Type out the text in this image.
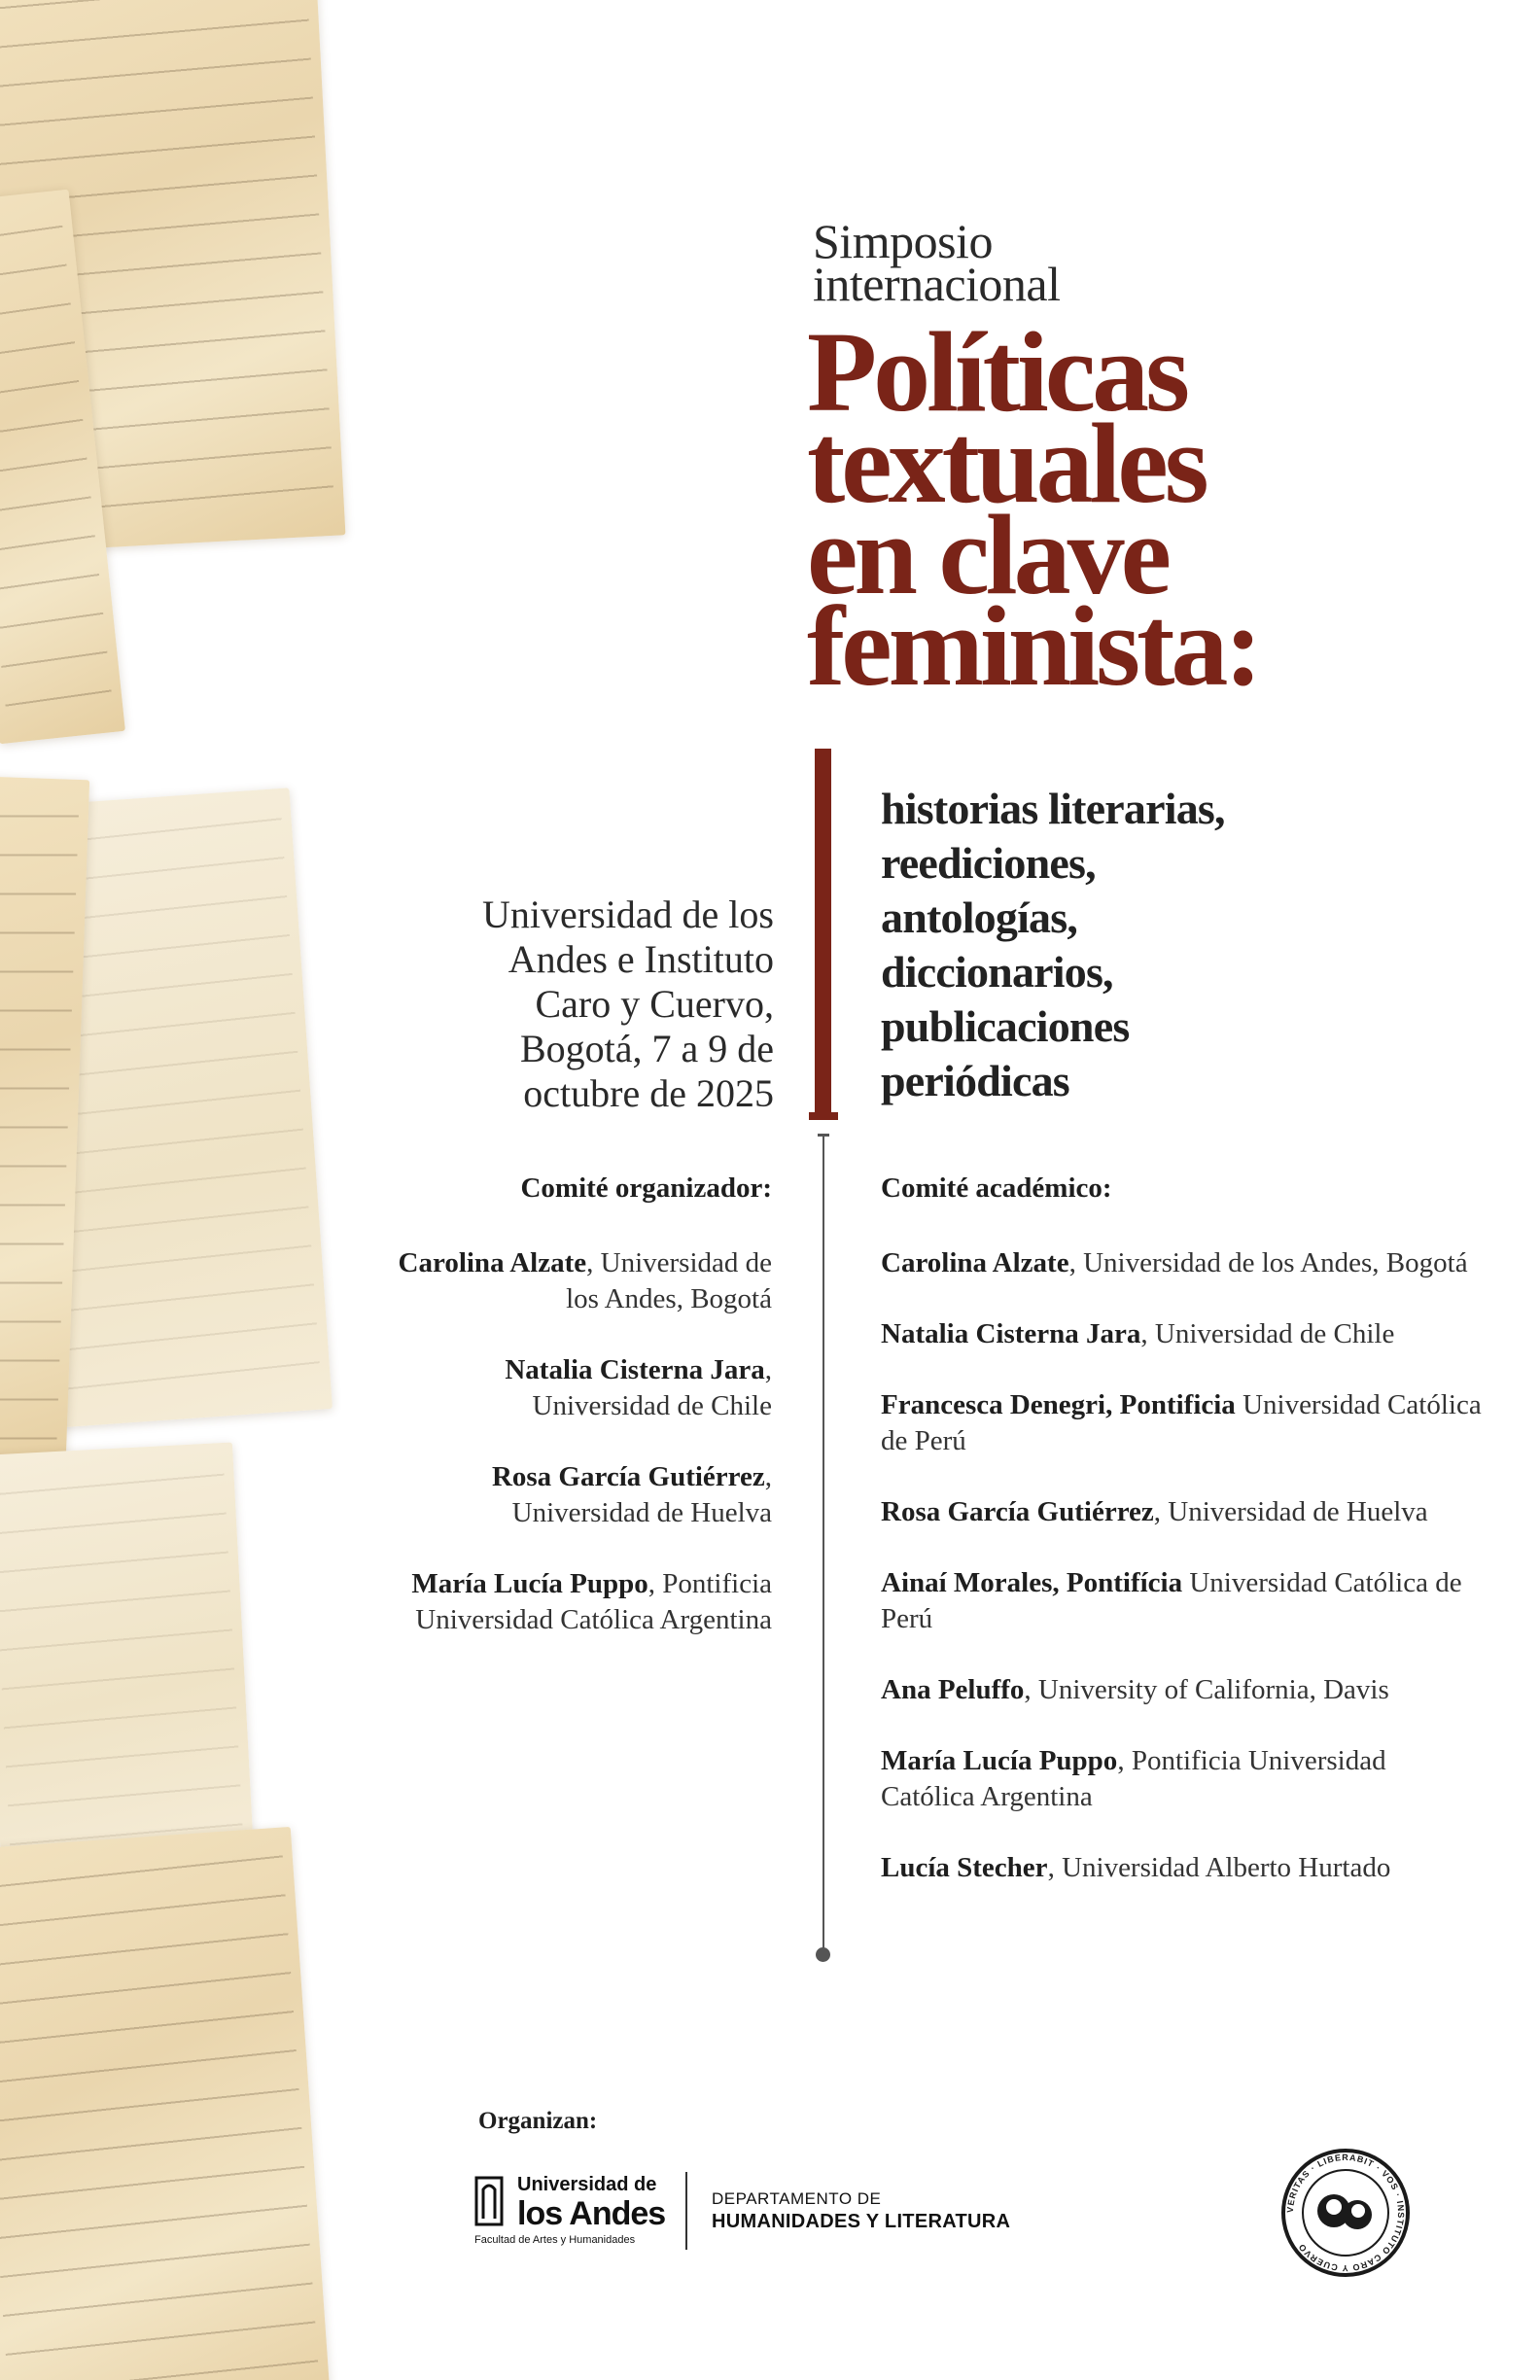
Simposio
internacional
Políticas
textuales
en clave
feminista:
historias literarias,
reediciones,
antologías,
diccionarios,
publicaciones
periódicas
Universidad de los
Andes e Instituto
Caro y Cuervo,
Bogotá, 7 a 9 de
octubre de 2025
Comité organizador:
Carolina Alzate, Universidad de los Andes, Bogotá
Natalia Cisterna Jara, Universidad de Chile
Rosa García Gutiérrez, Universidad de Huelva
María Lucía Puppo, Pontificia Universidad Católica Argentina
Comité académico:
Carolina Alzate, Universidad de los Andes, Bogotá
Natalia Cisterna Jara, Universidad de Chile
Francesca Denegri, Pontificia Universidad Católica de Perú
Rosa García Gutiérrez, Universidad de Huelva
Ainaí Morales, Pontifícia Universidad Católica de Perú
Ana Peluffo, University of California, Davis
María Lucía Puppo, Pontificia Universidad Católica Argentina
Lucía Stecher, Universidad Alberto Hurtado
Organizan:
Universidad de
los Andes
Facultad de Artes y Humanidades
DEPARTAMENTO DE
HUMANIDADES Y LITERATURA
VERITAS · LIBERABIT · VOS · INSTITUTO CARO Y CUERVO
